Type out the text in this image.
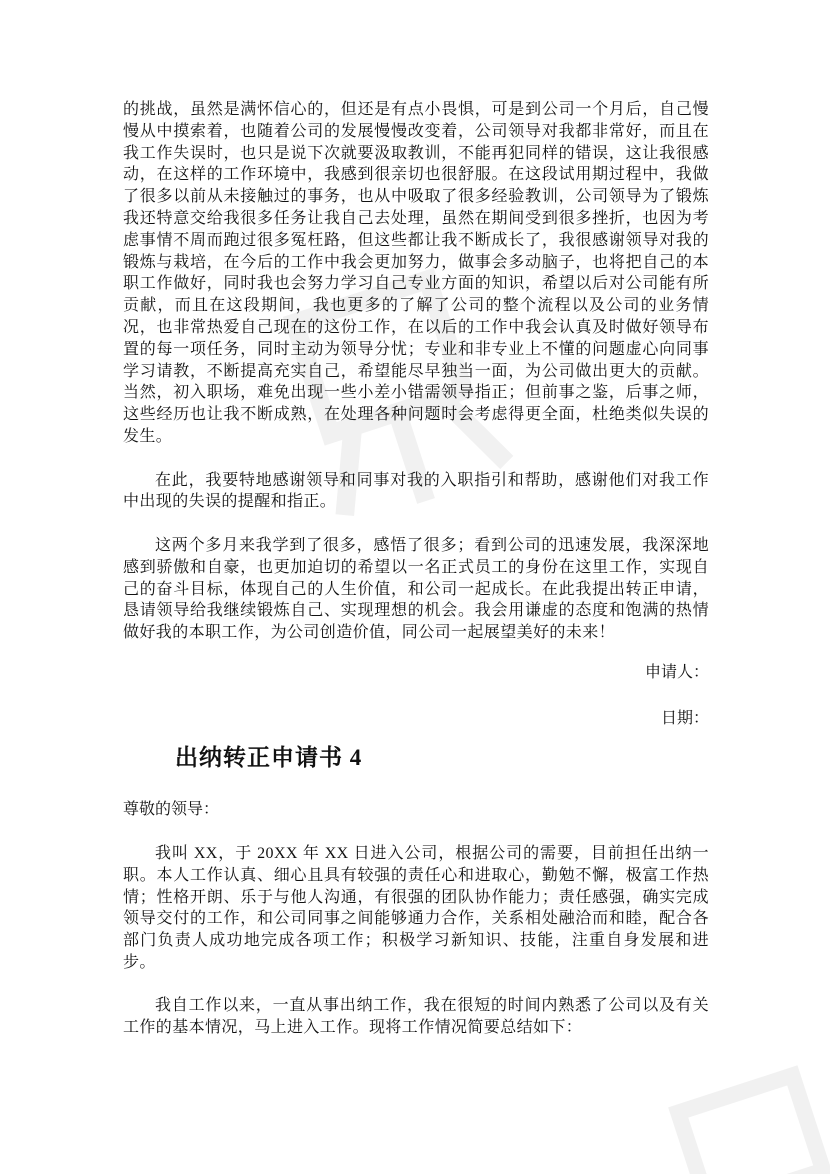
的挑战，虽然是满怀信心的，但还是有点小畏惧，可是到公司一个月后，自己慢慢从中摸索着，也随着公司的发展慢慢改变着，公司领导对我都非常好，而且在我工作失误时，也只是说下次就要汲取教训，不能再犯同样的错误，这让我很感动，在这样的工作环境中，我感到很亲切也很舒服。在这段试用期过程中，我做了很多以前从未接触过的事务，也从中吸取了很多经验教训，公司领导为了锻炼我还特意交给我很多任务让我自己去处理，虽然在期间受到很多挫折，也因为考虑事情不周而跑过很多冤枉路，但这些都让我不断成长了，我很感谢领导对我的锻炼与栽培，在今后的工作中我会更加努力，做事会多动脑子，也将把自己的本职工作做好，同时我也会努力学习自己专业方面的知识，希望以后对公司能有所贡献，而且在这段期间，我也更多的了解了公司的整个流程以及公司的业务情况，也非常热爱自己现在的这份工作，在以后的工作中我会认真及时做好领导布置的每一项任务，同时主动为领导分忧；专业和非专业上不懂的问题虚心向同事学习请教，不断提高充实自己，希望能尽早独当一面，为公司做出更大的贡献。当然，初入职场，难免出现一些小差小错需领导指正；但前事之鉴，后事之师，这些经历也让我不断成熟，在处理各种问题时会考虑得更全面，杜绝类似失误的发生。

在此，我要特地感谢领导和同事对我的入职指引和帮助，感谢他们对我工作中出现的失误的提醒和指正。

这两个多月来我学到了很多，感悟了很多；看到公司的迅速发展，我深深地感到骄傲和自豪，也更加迫切的希望以一名正式员工的身份在这里工作，实现自己的奋斗目标，体现自己的人生价值，和公司一起成长。在此我提出转正申请，恳请领导给我继续锻炼自己、实现理想的机会。我会用谦虚的态度和饱满的热情做好我的本职工作，为公司创造价值，同公司一起展望美好的未来！

申请人：

日期：

出纳转正申请书 4

尊敬的领导：

我叫 XX，于 20XX 年 XX 日进入公司，根据公司的需要，目前担任出纳一职。本人工作认真、细心且具有较强的责任心和进取心，勤勉不懈，极富工作热情；性格开朗、乐于与他人沟通，有很强的团队协作能力；责任感强，确实完成领导交付的工作，和公司同事之间能够通力合作，关系相处融洽而和睦，配合各部门负责人成功地完成各项工作；积极学习新知识、技能，注重自身发展和进步。

我自工作以来，一直从事出纳工作，我在很短的时间内熟悉了公司以及有关工作的基本情况，马上进入工作。现将工作情况简要总结如下：
